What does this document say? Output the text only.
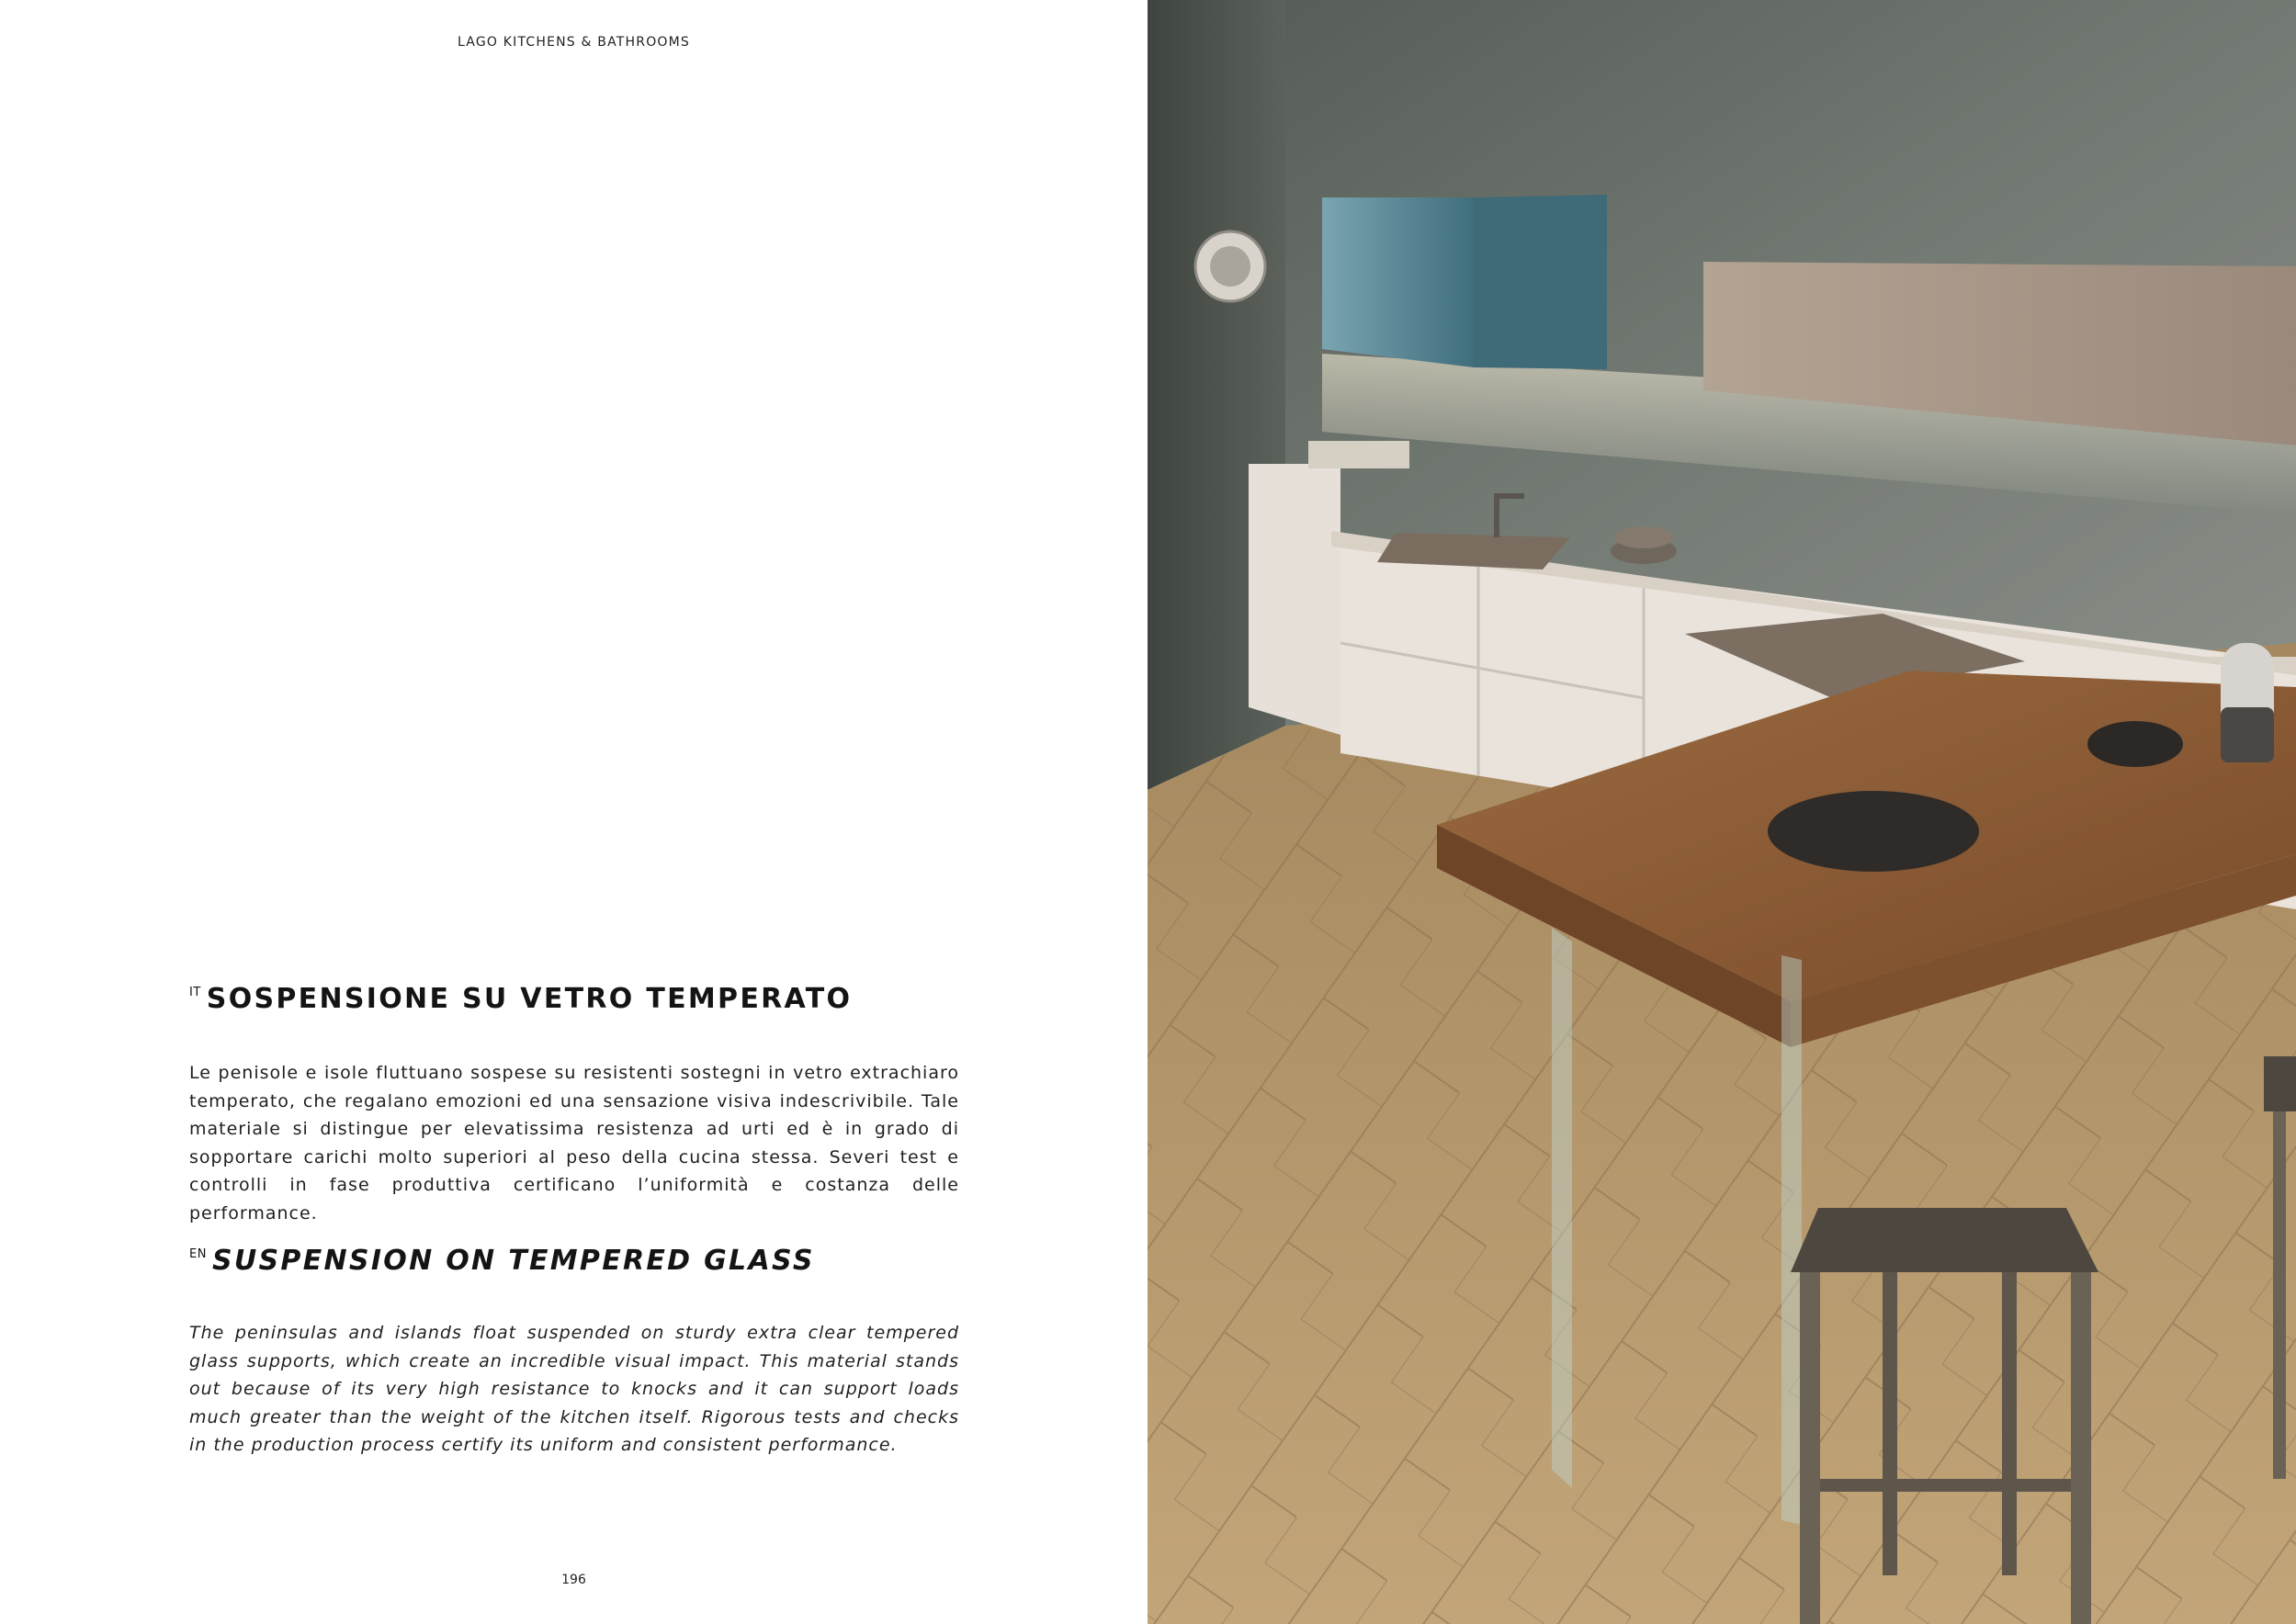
LAGO KITCHENS & BATHROOMS
$^{IT}$ SOSPENSIONE SU VETRO TEMPERATO

Le penisole e isole fluttuano sospese su resistenti sostegni in vetro extrachiaro temperato, che regalano emozioni ed una sensazione visiva indescrivibile. Tale materiale si distingue per elevatissima resistenza ad urti ed è in grado di sopportare carichi molto superiori al peso della cucina stessa. Severi test e controlli in fase produttiva certificano l’uniformità e costanza delle performance.

$^{EN}$ SUSPENSION ON TEMPERED GLASS

The peninsulas and islands float suspended on sturdy extra clear tempered glass supports, which create an incredible visual impact. This material stands out because of its very high resistance to knocks and it can support loads much greater than the weight of the kitchen itself. Rigorous tests and checks in the production process certify its uniform and consistent performance.

196
